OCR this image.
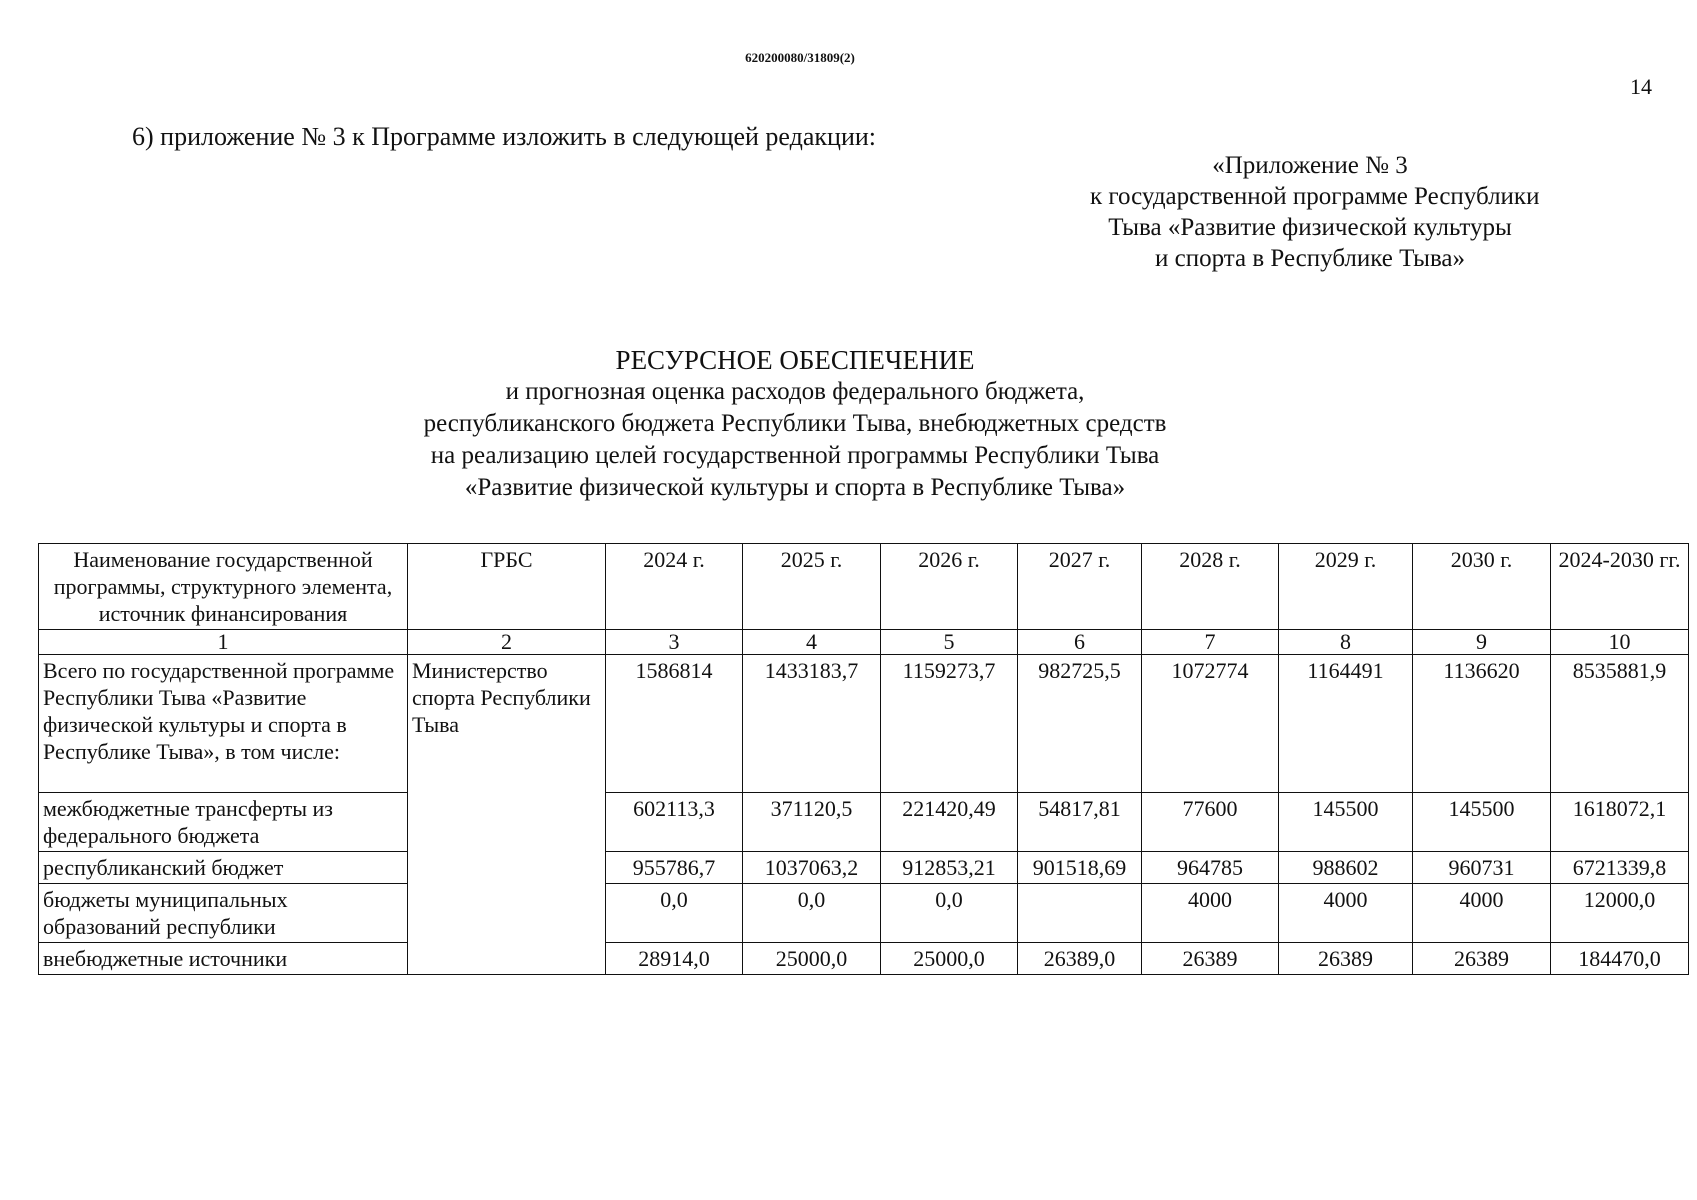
620200080/31809(2)
14
6) приложение № 3 к Программе изложить в следующей редакции:
«Приложение № 3
к государственной программе Республики
Тыва «Развитие физической культуры
и спорта в Республике Тыва»
РЕСУРСНОЕ ОБЕСПЕЧЕНИЕ
и прогнозная оценка расходов федерального бюджета,
республиканского бюджета Республики Тыва, внебюджетных средств
на реализацию целей государственной программы Республики Тыва
«Развитие физической культуры и спорта в Республике Тыва»
Наименование государственной программы, структурного элемента, источник финансирования	ГРБС	2024 г.	2025 г.	2026 г.	2027 г.	2028 г.	2029 г.	2030 г.	2024-2030 гг.
1	2	3	4	5	6	7	8	9	10
Всего по государственной программе Республики Тыва «Развитие физической культуры и спорта в Республике Тыва», в том числе:	Министерство спорта Республики Тыва	1586814	1433183,7	1159273,7	982725,5	1072774	1164491	1136620	8535881,9
межбюджетные трансферты из федерального бюджета		602113,3	371120,5	221420,49	54817,81	77600	145500	145500	1618072,1
республиканский бюджет		955786,7	1037063,2	912853,21	901518,69	964785	988602	960731	6721339,8
бюджеты муниципальных образований республики		0,0	0,0	0,0		4000	4000	4000	12000,0
внебюджетные источники		28914,0	25000,0	25000,0	26389,0	26389	26389	26389	184470,0
